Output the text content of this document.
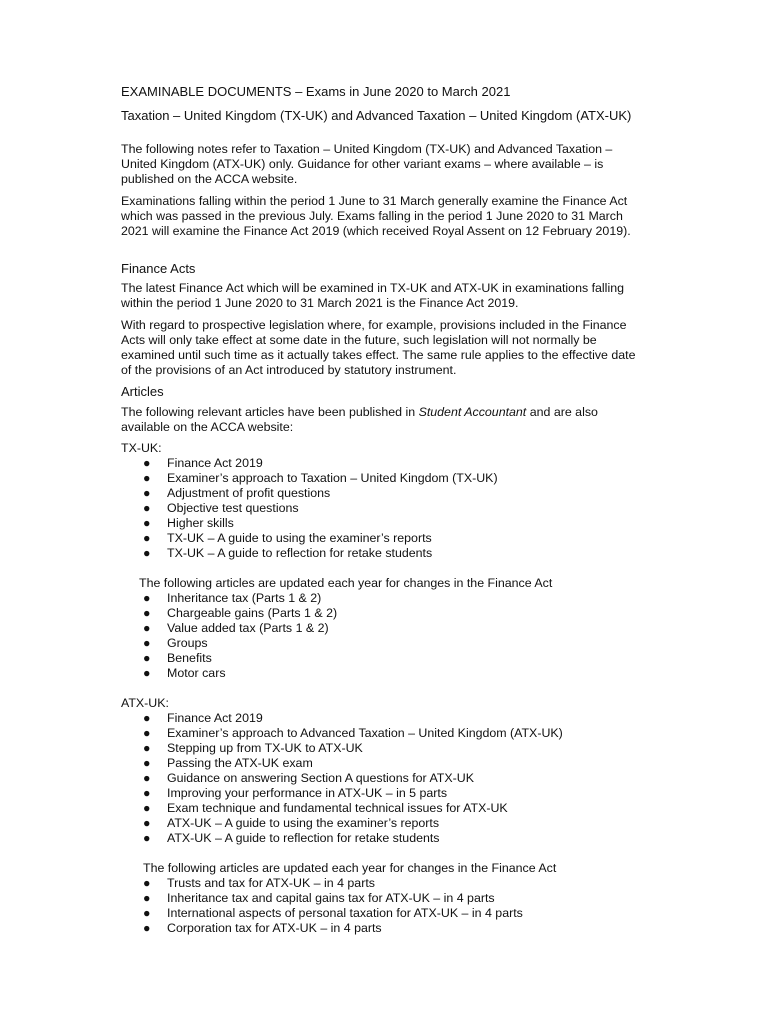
EXAMINABLE DOCUMENTS – Exams in June 2020 to March 2021
Taxation – United Kingdom (TX-UK) and Advanced Taxation – United Kingdom (ATX-UK)
The following notes refer to Taxation – United Kingdom (TX-UK) and Advanced Taxation – United Kingdom (ATX-UK) only. Guidance for other variant exams – where available – is published on the ACCA website.
Examinations falling within the period 1 June to 31 March generally examine the Finance Act which was passed in the previous July. Exams falling in the period 1 June 2020 to 31 March 2021 will examine the Finance Act 2019 (which received Royal Assent on 12 February 2019).
Finance Acts
The latest Finance Act which will be examined in TX-UK and ATX-UK in examinations falling within the period 1 June 2020 to 31 March 2021 is the Finance Act 2019.
With regard to prospective legislation where, for example, provisions included in the Finance Acts will only take effect at some date in the future, such legislation will not normally be examined until such time as it actually takes effect. The same rule applies to the effective date of the provisions of an Act introduced by statutory instrument.
Articles
The following relevant articles have been published in Student Accountant and are also available on the ACCA website:
TX-UK:
● Finance Act 2019
● Examiner’s approach to Taxation – United Kingdom (TX-UK)
● Adjustment of profit questions
● Objective test questions
● Higher skills
● TX-UK – A guide to using the examiner’s reports
● TX-UK – A guide to reflection for retake students
The following articles are updated each year for changes in the Finance Act
● Inheritance tax (Parts 1 & 2)
● Chargeable gains (Parts 1 & 2)
● Value added tax (Parts 1 & 2)
● Groups
● Benefits
● Motor cars
ATX-UK:
● Finance Act 2019
● Examiner’s approach to Advanced Taxation – United Kingdom (ATX-UK)
● Stepping up from TX-UK to ATX-UK
● Passing the ATX-UK exam
● Guidance on answering Section A questions for ATX-UK
● Improving your performance in ATX-UK – in 5 parts
● Exam technique and fundamental technical issues for ATX-UK
● ATX-UK – A guide to using the examiner’s reports
● ATX-UK – A guide to reflection for retake students
The following articles are updated each year for changes in the Finance Act
● Trusts and tax for ATX-UK – in 4 parts
● Inheritance tax and capital gains tax for ATX-UK – in 4 parts
● International aspects of personal taxation for ATX-UK – in 4 parts
● Corporation tax for ATX-UK – in 4 parts
